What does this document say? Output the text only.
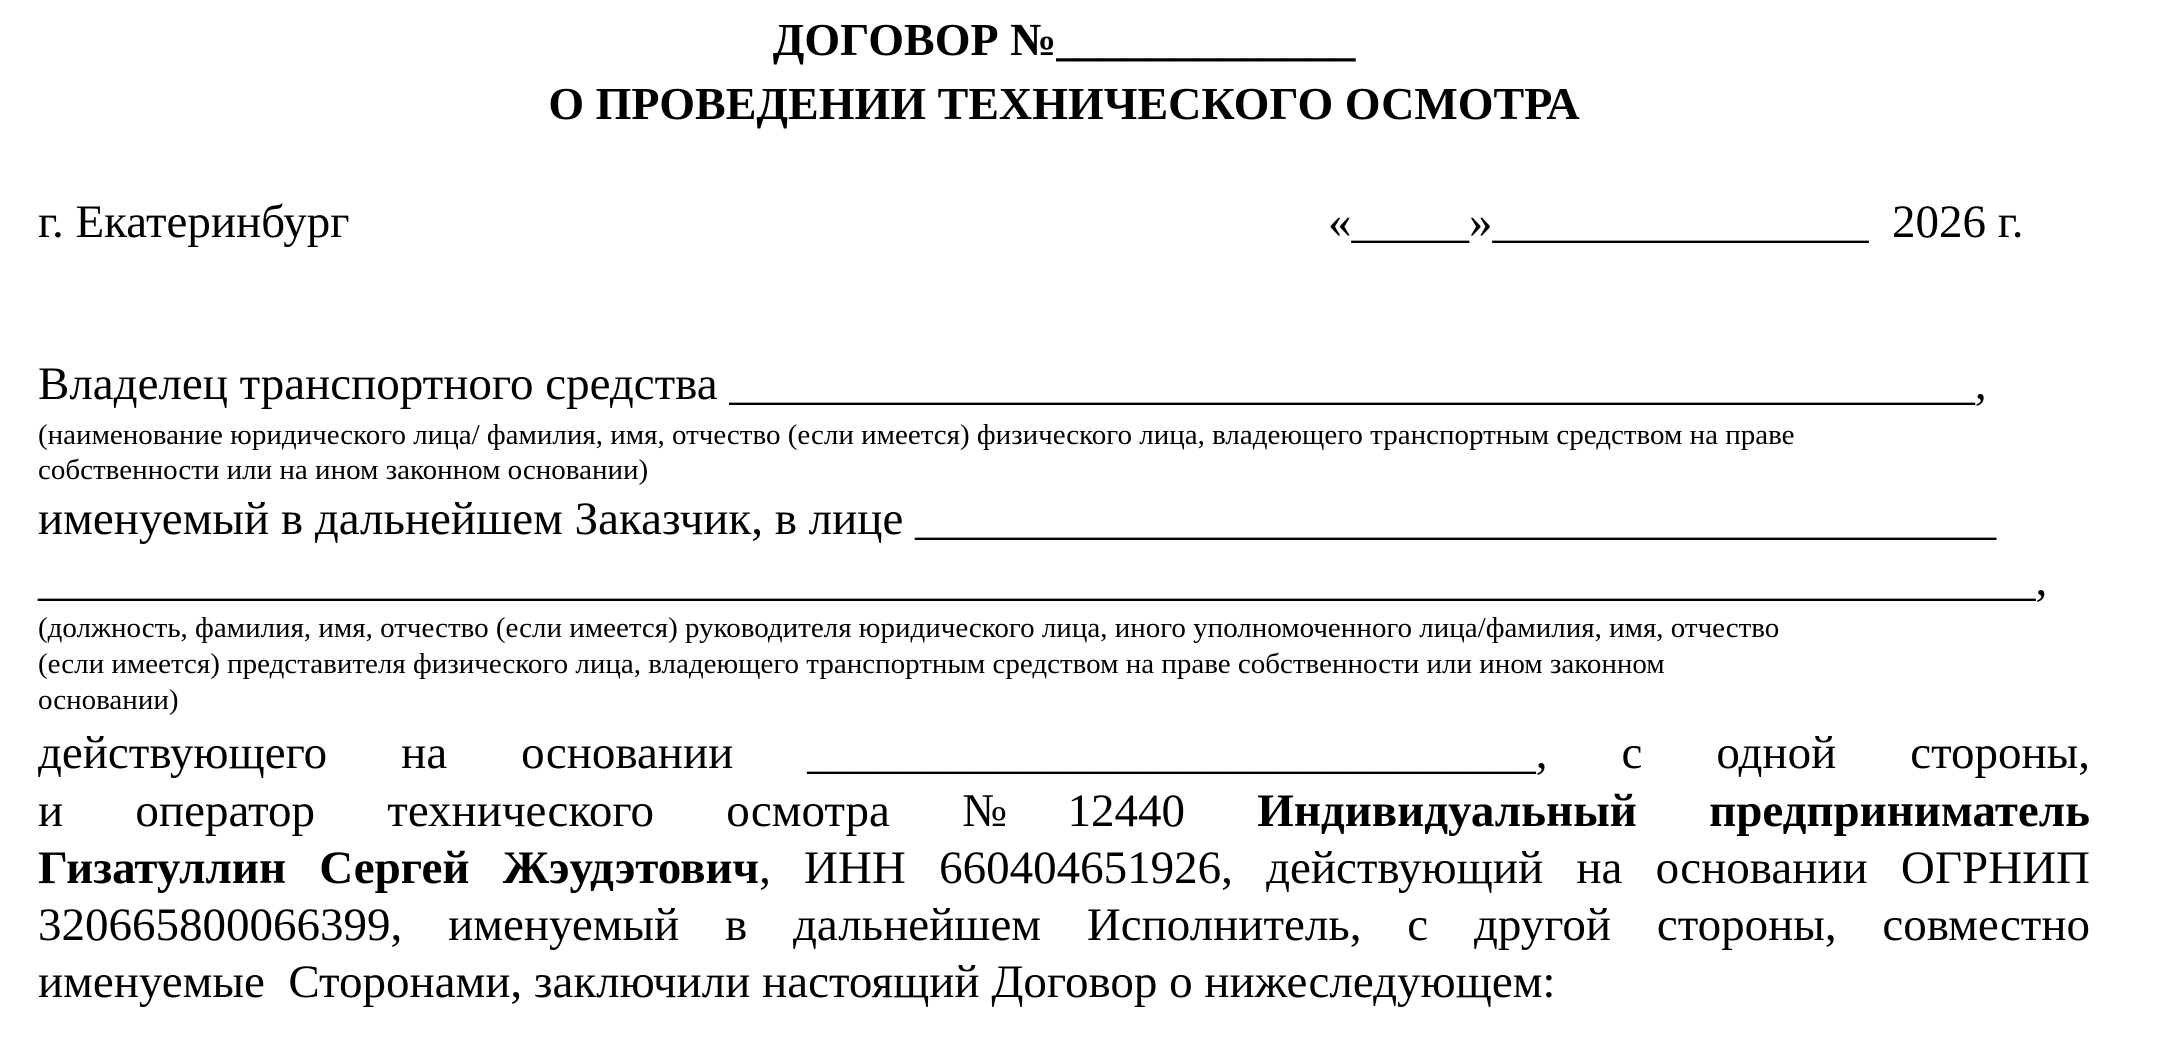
ДОГОВОР №_____________
О ПРОВЕДЕНИИ ТЕХНИЧЕСКОГО ОСМОТРА
г. Екатеринбург	«_____»________________  2026 г.
Владелец транспортного средства _____________________________________________________,
(наименование юридического лица/ фамилия, имя, отчество (если имеется) физического лица, владеющего транспортным средством на праве
собственности или на ином законном основании)
именуемый в дальнейшем Заказчик, в лице ______________________________________________
_____________________________________________________________________________________,
(должность, фамилия, имя, отчество (если имеется) руководителя юридического лица, иного уполномоченного лица/фамилия, имя, отчество
(если имеется) представителя физического лица, владеющего транспортным средством на праве собственности или ином законном
основании)
действующего на основании _______________________________, с одной стороны,
и оператор технического осмотра №12440 Индивидуальный предприниматель
Гизатуллин Сергей Жэудэтович, ИНН 660404651926, действующий на основании ОГРНИП
320665800066399, именуемый в дальнейшем Исполнитель, с другой стороны, совместно
именуемые  Сторонами, заключили настоящий Договор о нижеследующем:
